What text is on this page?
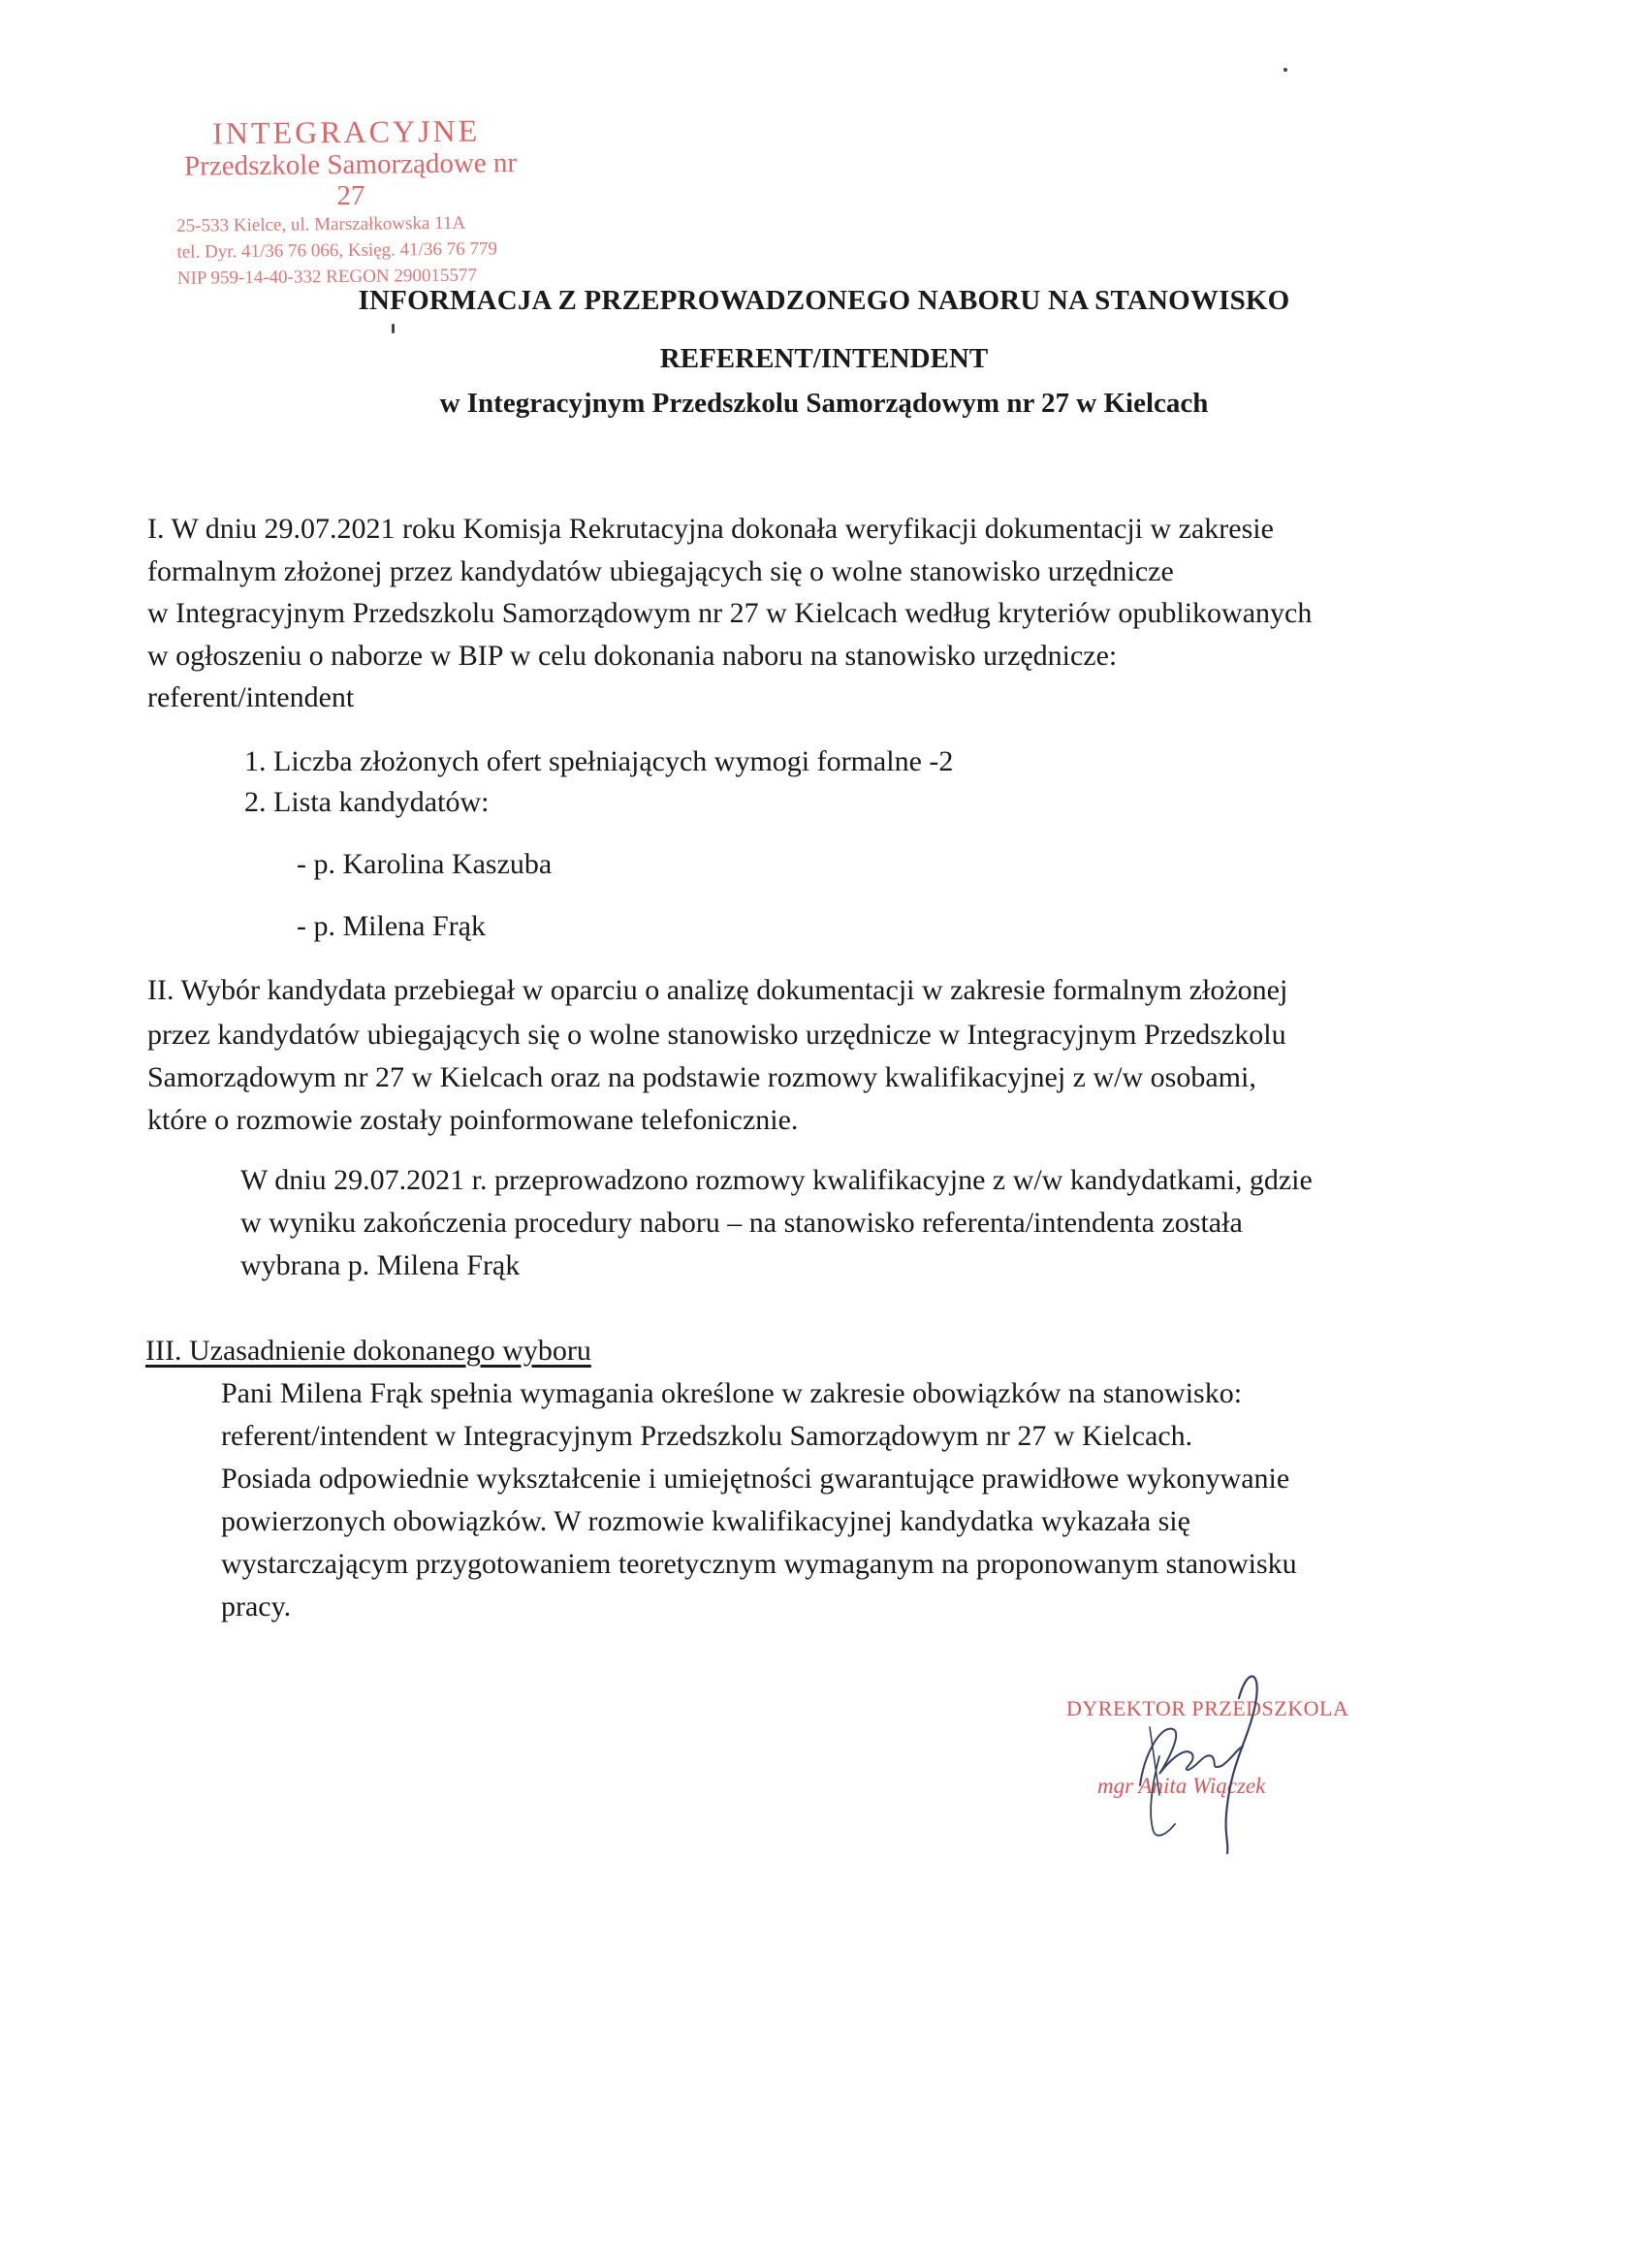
INTEGRACYJNE
Przedszkole Samorządowe nr 27
25-533 Kielce, ul. Marszałkowska 11A
tel. Dyr. 41/36 76 066, Księg. 41/36 76 779
NIP 959-14-40-332 REGON 290015577
INFORMACJA Z PRZEPROWADZONEGO NABORU NA STANOWISKO
REFERENT/INTENDENT
w Integracyjnym Przedszkolu Samorządowym nr 27 w Kielcach
I. W dniu 29.07.2021 roku Komisja Rekrutacyjna dokonała weryfikacji dokumentacji w zakresie
formalnym złożonej przez kandydatów ubiegających się o wolne stanowisko urzędnicze
w Integracyjnym Przedszkolu Samorządowym nr 27 w Kielcach według kryteriów opublikowanych
w ogłoszeniu o naborze w BIP w celu dokonania naboru na stanowisko urzędnicze:
referent/intendent
1. Liczba złożonych ofert spełniających wymogi formalne -2
2. Lista kandydatów:
- p. Karolina Kaszuba
- p. Milena Frąk
II. Wybór kandydata przebiegał w oparciu o analizę dokumentacji w zakresie formalnym złożonej
przez kandydatów ubiegających się o wolne stanowisko urzędnicze w Integracyjnym Przedszkolu
Samorządowym nr 27 w Kielcach oraz na podstawie rozmowy kwalifikacyjnej z w/w osobami,
które o rozmowie zostały poinformowane telefonicznie.
W dniu 29.07.2021 r. przeprowadzono rozmowy kwalifikacyjne z w/w kandydatkami, gdzie
w wyniku zakończenia procedury naboru – na stanowisko referenta/intendenta została
wybrana p. Milena Frąk
III. Uzasadnienie dokonanego wyboru
Pani Milena Frąk spełnia wymagania określone w zakresie obowiązków na stanowisko:
referent/intendent w Integracyjnym Przedszkolu Samorządowym nr 27 w Kielcach.
Posiada odpowiednie wykształcenie i umiejętności gwarantujące prawidłowe wykonywanie
powierzonych obowiązków. W rozmowie kwalifikacyjnej kandydatka wykazała się
wystarczającym przygotowaniem teoretycznym wymaganym na proponowanym stanowisku
pracy.
DYREKTOR PRZEDSZKOLA
mgr Anita Wiączek
